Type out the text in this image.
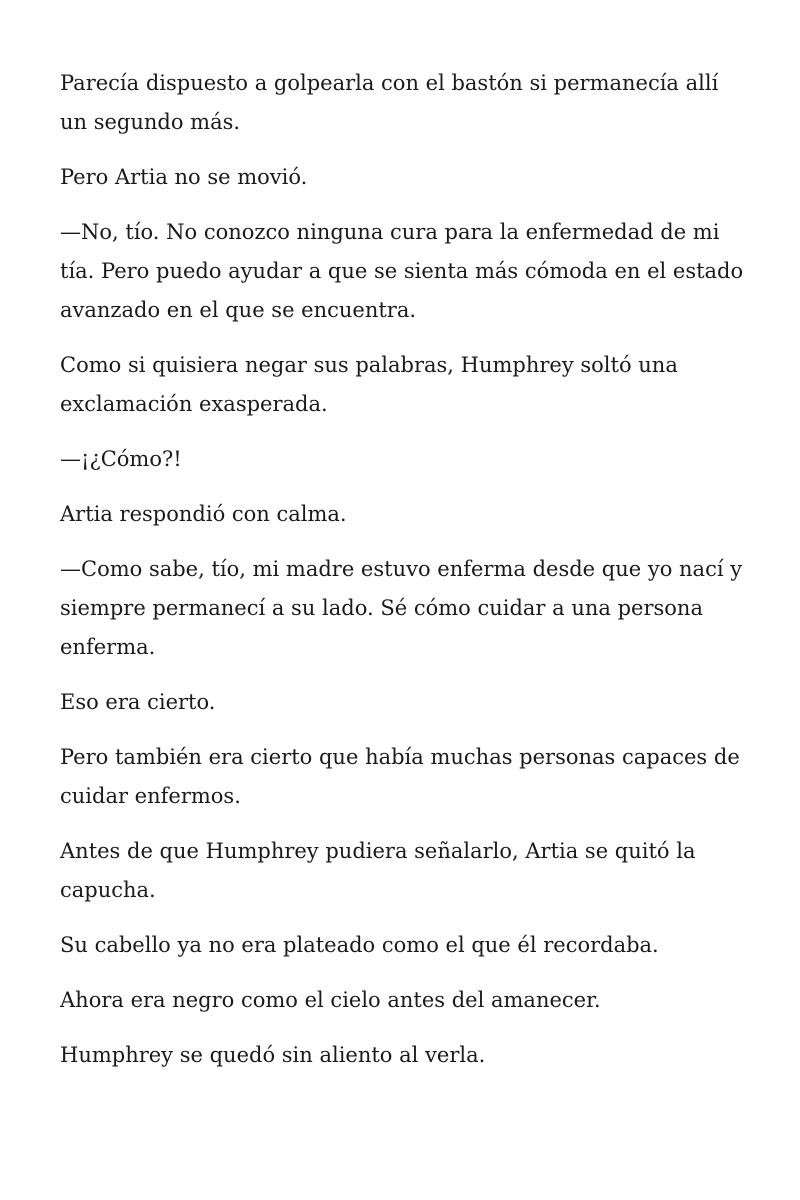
Parecía dispuesto a golpearla con el bastón si permanecía allí un segundo más.

Pero Artia no se movió.

—No, tío. No conozco ninguna cura para la enfermedad de mi tía. Pero puedo ayudar a que se sienta más cómoda en el estado avanzado en el que se encuentra.

Como si quisiera negar sus palabras, Humphrey soltó una exclamación exasperada.

—¡¿Cómo?!

Artia respondió con calma.

—Como sabe, tío, mi madre estuvo enferma desde que yo nací y siempre permanecí a su lado. Sé cómo cuidar a una persona enferma.

Eso era cierto.

Pero también era cierto que había muchas personas capaces de cuidar enfermos.

Antes de que Humphrey pudiera señalarlo, Artia se quitó la capucha.

Su cabello ya no era plateado como el que él recordaba.

Ahora era negro como el cielo antes del amanecer.

Humphrey se quedó sin aliento al verla.
